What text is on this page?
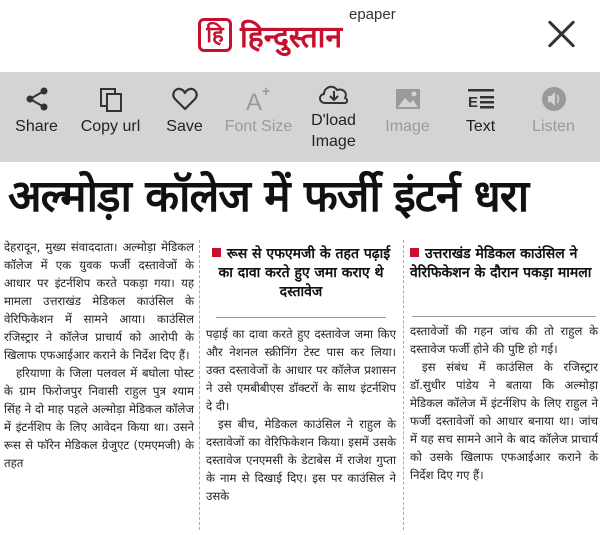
हि हिन्दुस्तान
epaper
Share Copy url Save
A +
Font Size D'load
Image
Image
E
Text Listen
अल्मोड़ा कॉलेज में फर्जी इंटर्न धरा

देहरादून, मुख्य संवाददाता। अल्मोड़ा मेडिकल कॉलेज में एक युवक फर्जी दस्तावेजों के आधार पर इंटर्नशिप करते पकड़ा गया। यह मामला उत्तराखंड मेडिकल काउंसिल के वेरिफिकेशन में सामने आया। काउंसिल रजिस्ट्रार ने कॉलेज प्राचार्य को आरोपी के खिलाफ एफआईआर कराने के निर्देश दिए हैं।

हरियाणा के जिला पलवल में बघोला पोस्ट के ग्राम फिरोजपुर निवासी राहुल पुत्र श्याम सिंह ने दो माह पहले अल्मोड़ा मेडिकल कॉलेज में इंटर्नशिप के लिए आवेदन किया था। उसने रूस से फॉरेन मेडिकल ग्रेजुएट (एमएमजी) के तहत

रूस से एफएमजी के तहत पढ़ाई का दावा करते हुए जमा कराए थे दस्तावेज

पढ़ाई का दावा करते हुए दस्तावेज जमा किए और नेशनल स्क्रीनिंग टेस्ट पास कर लिया। उक्त दस्तावेजों के आधार पर कॉलेज प्रशासन ने उसे एमबीबीएस डॉक्टरों के साथ इंटर्नशिप दे दी।

इस बीच, मेडिकल काउंसिल ने राहुल के दस्तावेजों का वेरिफिकेशन किया। इसमें उसके दस्तावेज एनएमसी के डेटाबेस में राजेश गुप्ता के नाम से दिखाई दिए। इस पर काउंसिल ने उसके

उत्तराखंड मेडिकल काउंसिल ने वेरिफिकेशन के दौरान पकड़ा मामला

दस्तावेजों की गहन जांच की तो राहुल के दस्तावेज फर्जी होने की पुष्टि हो गई।

इस संबंध में काउंसिल के रजिस्ट्रार डॉ.सुधीर पांडेय ने बताया कि अल्मोड़ा मेडिकल कॉलेज में इंटर्नशिप के लिए राहुल ने फर्जी दस्तावेजों को आधार बनाया था। जांच में यह सच सामने आने के बाद कॉलेज प्राचार्य को उसके खिलाफ एफआईआर कराने के निर्देश दिए गए हैं।
